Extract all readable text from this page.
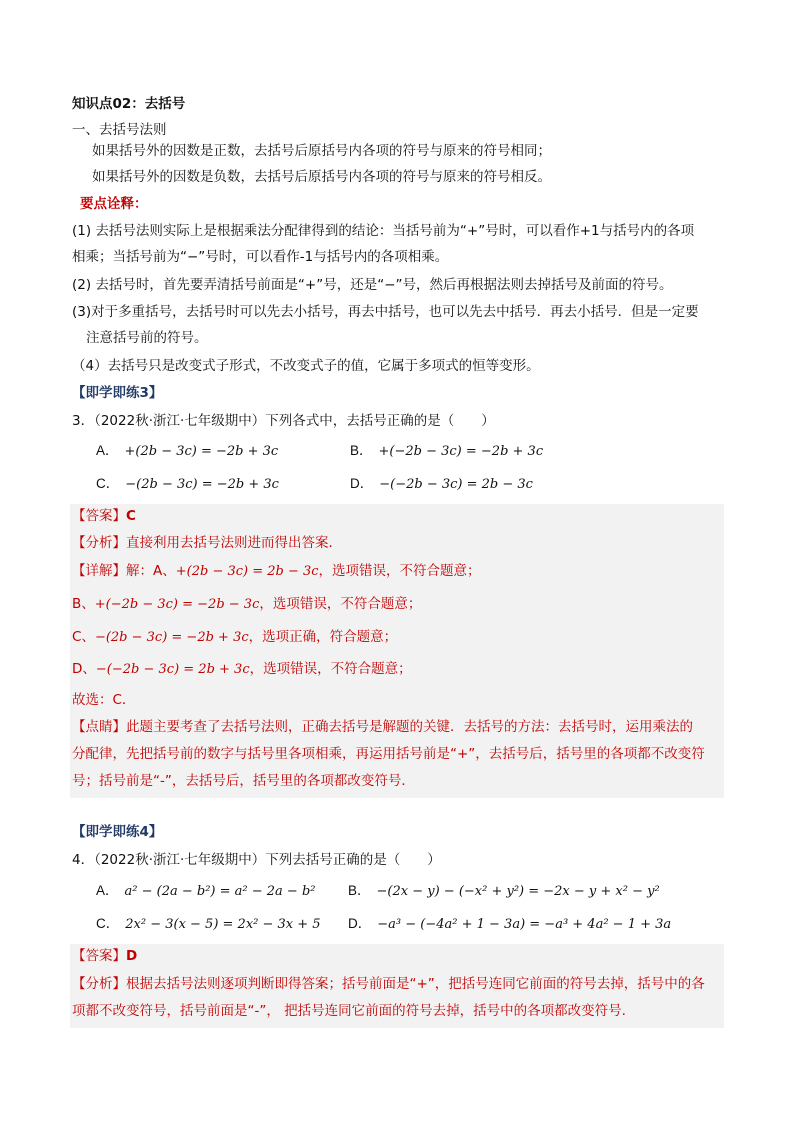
知识点02：去括号
一、去括号法则
如果括号外的因数是正数，去括号后原括号内各项的符号与原来的符号相同；
如果括号外的因数是负数，去括号后原括号内各项的符号与原来的符号相反。
要点诠释：
(1) 去括号法则实际上是根据乘法分配律得到的结论：当括号前为“+”号时，可以看作+1与括号内的各项
相乘；当括号前为“−”号时，可以看作-1与括号内的各项相乘。
(2) 去括号时，首先要弄清括号前面是“+”号，还是“−”号，然后再根据法则去掉括号及前面的符号。
(3)对于多重括号，去括号时可以先去小括号，再去中括号，也可以先去中括号．再去小括号．但是一定要
注意括号前的符号。
（4）去括号只是改变式子形式，不改变式子的值，它属于多项式的恒等变形。
【即学即练3】
3．（2022秋·浙江·七年级期中）下列各式中，去括号正确的是（　　）
A． +(2b − 3c) = −2b + 3c	B． +(−2b − 3c) = −2b + 3c
C． −(2b − 3c) = −2b + 3c	D． −(−2b − 3c) = 2b − 3c
【答案】C
【分析】直接利用去括号法则进而得出答案．
【详解】解：A、+(2b − 3c) = 2b − 3c，选项错误，不符合题意；
B、+(−2b − 3c) = −2b − 3c，选项错误，不符合题意；
C、−(2b − 3c) = −2b + 3c，选项正确，符合题意；
D、−(−2b − 3c) = 2b + 3c，选项错误，不符合题意；
故选：C．
【点睛】此题主要考查了去括号法则，正确去括号是解题的关键．去括号的方法：去括号时，运用乘法的
分配律，先把括号前的数字与括号里各项相乘，再运用括号前是“+”，去括号后，括号里的各项都不改变符
号；括号前是“-”，去括号后，括号里的各项都改变符号．
【即学即练4】
4．（2022秋·浙江·七年级期中）下列去括号正确的是（　　）
A． a² − (2a − b²) = a² − 2a − b² B． −(2x − y) − (−x² + y²) = −2x − y + x² − y²
C． 2x² − 3(x − 5) = 2x² − 3x + 5 D． −a³ − (−4a² + 1 − 3a) = −a³ + 4a² − 1 + 3a
【答案】D
【分析】根据去括号法则逐项判断即得答案；括号前面是“+”，把括号连同它前面的符号去掉，括号中的各
项都不改变符号，括号前面是“-”， 把括号连同它前面的符号去掉，括号中的各项都改变符号.
